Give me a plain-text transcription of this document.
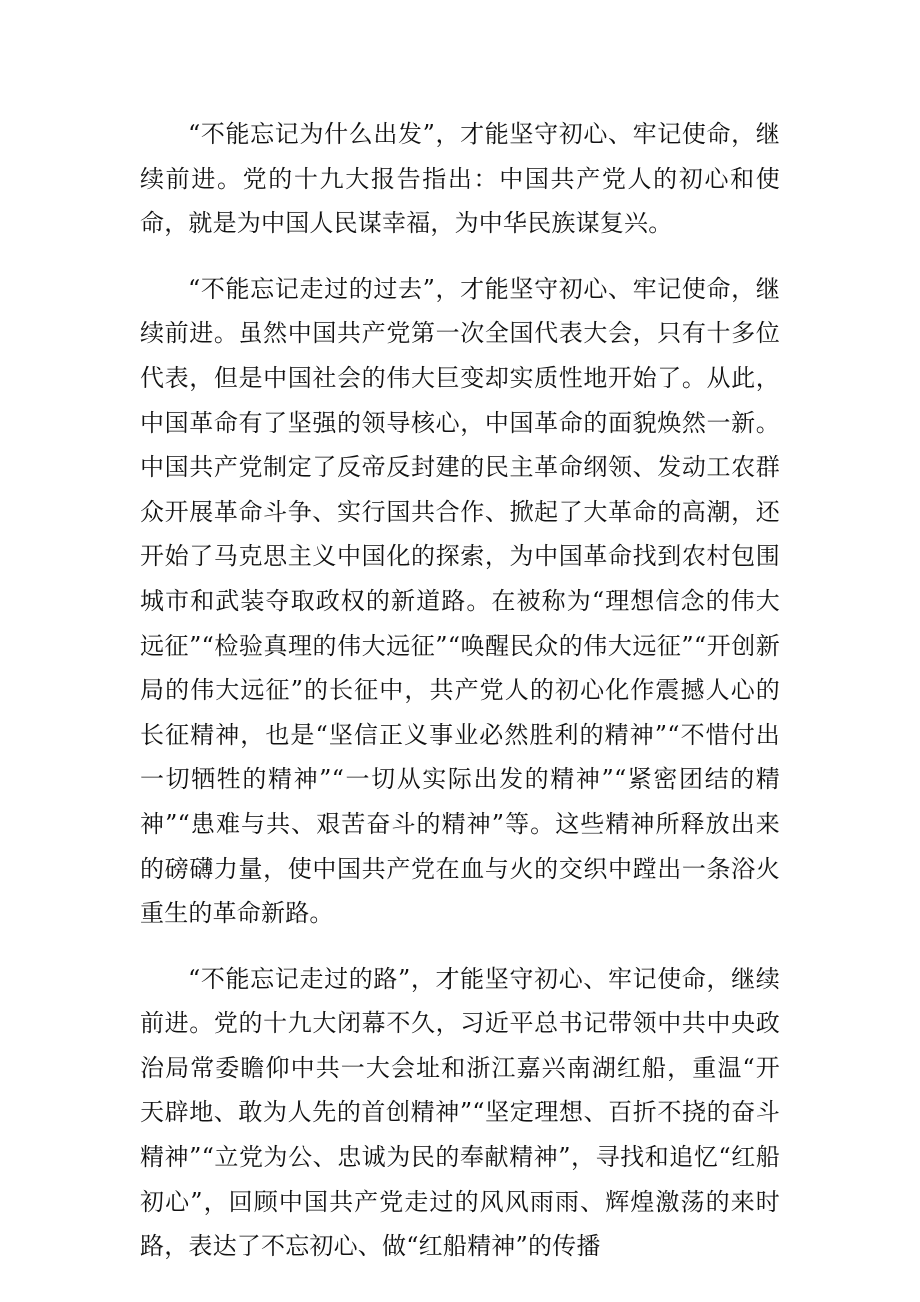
“不能忘记为什么出发”，才能坚守初心、牢记使命，继续前进。党的十九大报告指出：中国共产党人的初心和使命，就是为中国人民谋幸福，为中华民族谋复兴。

“不能忘记走过的过去”，才能坚守初心、牢记使命，继续前进。虽然中国共产党第一次全国代表大会，只有十多位代表，但是中国社会的伟大巨变却实质性地开始了。从此，中国革命有了坚强的领导核心，中国革命的面貌焕然一新。中国共产党制定了反帝反封建的民主革命纲领、发动工农群众开展革命斗争、实行国共合作、掀起了大革命的高潮，还开始了马克思主义中国化的探索，为中国革命找到农村包围城市和武装夺取政权的新道路。在被称为“理想信念的伟大远征”“检验真理的伟大远征”“唤醒民众的伟大远征”“开创新局的伟大远征”的长征中，共产党人的初心化作震撼人心的长征精神，也是“坚信正义事业必然胜利的精神”“不惜付出一切牺牲的精神”“一切从实际出发的精神”“紧密团结的精神”“患难与共、艰苦奋斗的精神”等。这些精神所释放出来的磅礴力量，使中国共产党在血与火的交织中蹚出一条浴火重生的革命新路。

“不能忘记走过的路”，才能坚守初心、牢记使命，继续前进。党的十九大闭幕不久，习近平总书记带领中共中央政治局常委瞻仰中共一大会址和浙江嘉兴南湖红船，重温“开天辟地、敢为人先的首创精神”“坚定理想、百折不挠的奋斗精神”“立党为公、忠诚为民的奉献精神”，寻找和追忆“红船初心”，回顾中国共产党走过的风风雨雨、辉煌激荡的来时路，表达了不忘初心、做“红船精神”的传播
